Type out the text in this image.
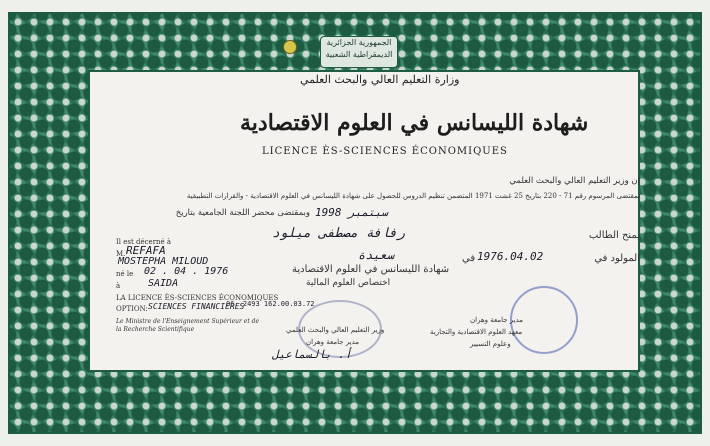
الجمهورية الجزائرية
الديمقراطية الشعبية
وزارة التعليم العالي والبحث العلمي
شهادة الليسانس في العلوم الاقتصادية
LICENCE ÈS-SCIENCES ÉCONOMIQUES
إن وزير التعليم العالي والبحث العلمي
بمقتضى المرسوم رقم 71 - 220 بتاريخ 25 غشت 1971 المتضمن تنظيم الدروس للحصول على شهادة الليسانس في العلوم الاقتصادية - والقرارات التطبيقية
وبمقتضى محضر اللجنة الجامعية بتاريخ سبتمبر 1998
يمنح الطالب
رفافة مصطفى ميلود
المولود في
1976.04.02
في
سعيدة
شهادة الليسانس في العلوم الاقتصادية
اختصاص العلوم المالية
Il est décerné à
M. REFAFA
MOSTEPHA MILOUD
né le 02 . 04 . 1976
à	SAIDA
LA LICENCE ÈS-SCIENCES ÉCONOMIQUES
OPTION: SCIENCES FINANCIERES
06. 2493 162.00.03.72
Le Ministre de l'Enseignement Supérieur et de la Recherche Scientifique	وزير التعليم العالي والبحث العلمي
مدير جامعة وهران
أ. بالسماعيل
مدير جامعة وهران
معهد العلوم الاقتصادية والتجارية
وعلوم التسيير
